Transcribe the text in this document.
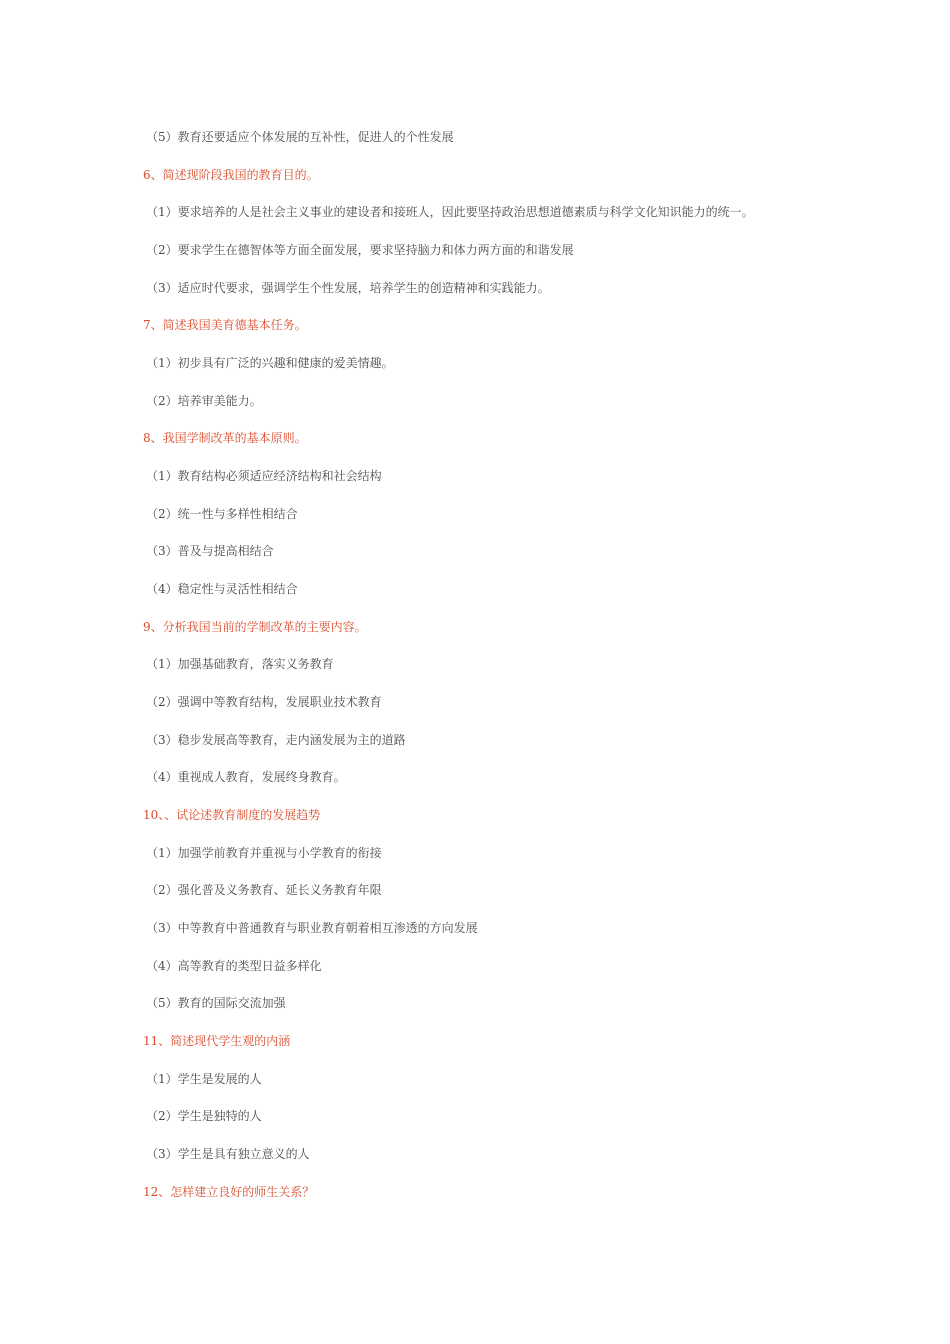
（5）教育还要适应个体发展的互补性，促进人的个性发展
6、简述现阶段我国的教育目的。
（1）要求培养的人是社会主义事业的建设者和接班人，因此要坚持政治思想道德素质与科学文化知识能力的统一。
（2）要求学生在德智体等方面全面发展，要求坚持脑力和体力两方面的和谐发展
（3）适应时代要求，强调学生个性发展，培养学生的创造精神和实践能力。
7、简述我国美育德基本任务。
（1）初步具有广泛的兴趣和健康的爱美情趣。
（2）培养审美能力。
8、我国学制改革的基本原则。
（1）教育结构必须适应经济结构和社会结构
（2）统一性与多样性相结合
（3）普及与提高相结合
（4）稳定性与灵活性相结合
9、分析我国当前的学制改革的主要内容。
（1）加强基础教育，落实义务教育
（2）强调中等教育结构，发展职业技术教育
（3）稳步发展高等教育，走内涵发展为主的道路
（4）重视成人教育，发展终身教育。
10、、试论述教育制度的发展趋势
（1）加强学前教育并重视与小学教育的衔接
（2）强化普及义务教育、延长义务教育年限
（3）中等教育中普通教育与职业教育朝着相互渗透的方向发展
（4）高等教育的类型日益多样化
（5）教育的国际交流加强
11、简述现代学生观的内涵
（1）学生是发展的人
（2）学生是独特的人
（3）学生是具有独立意义的人
12、怎样建立良好的师生关系？
